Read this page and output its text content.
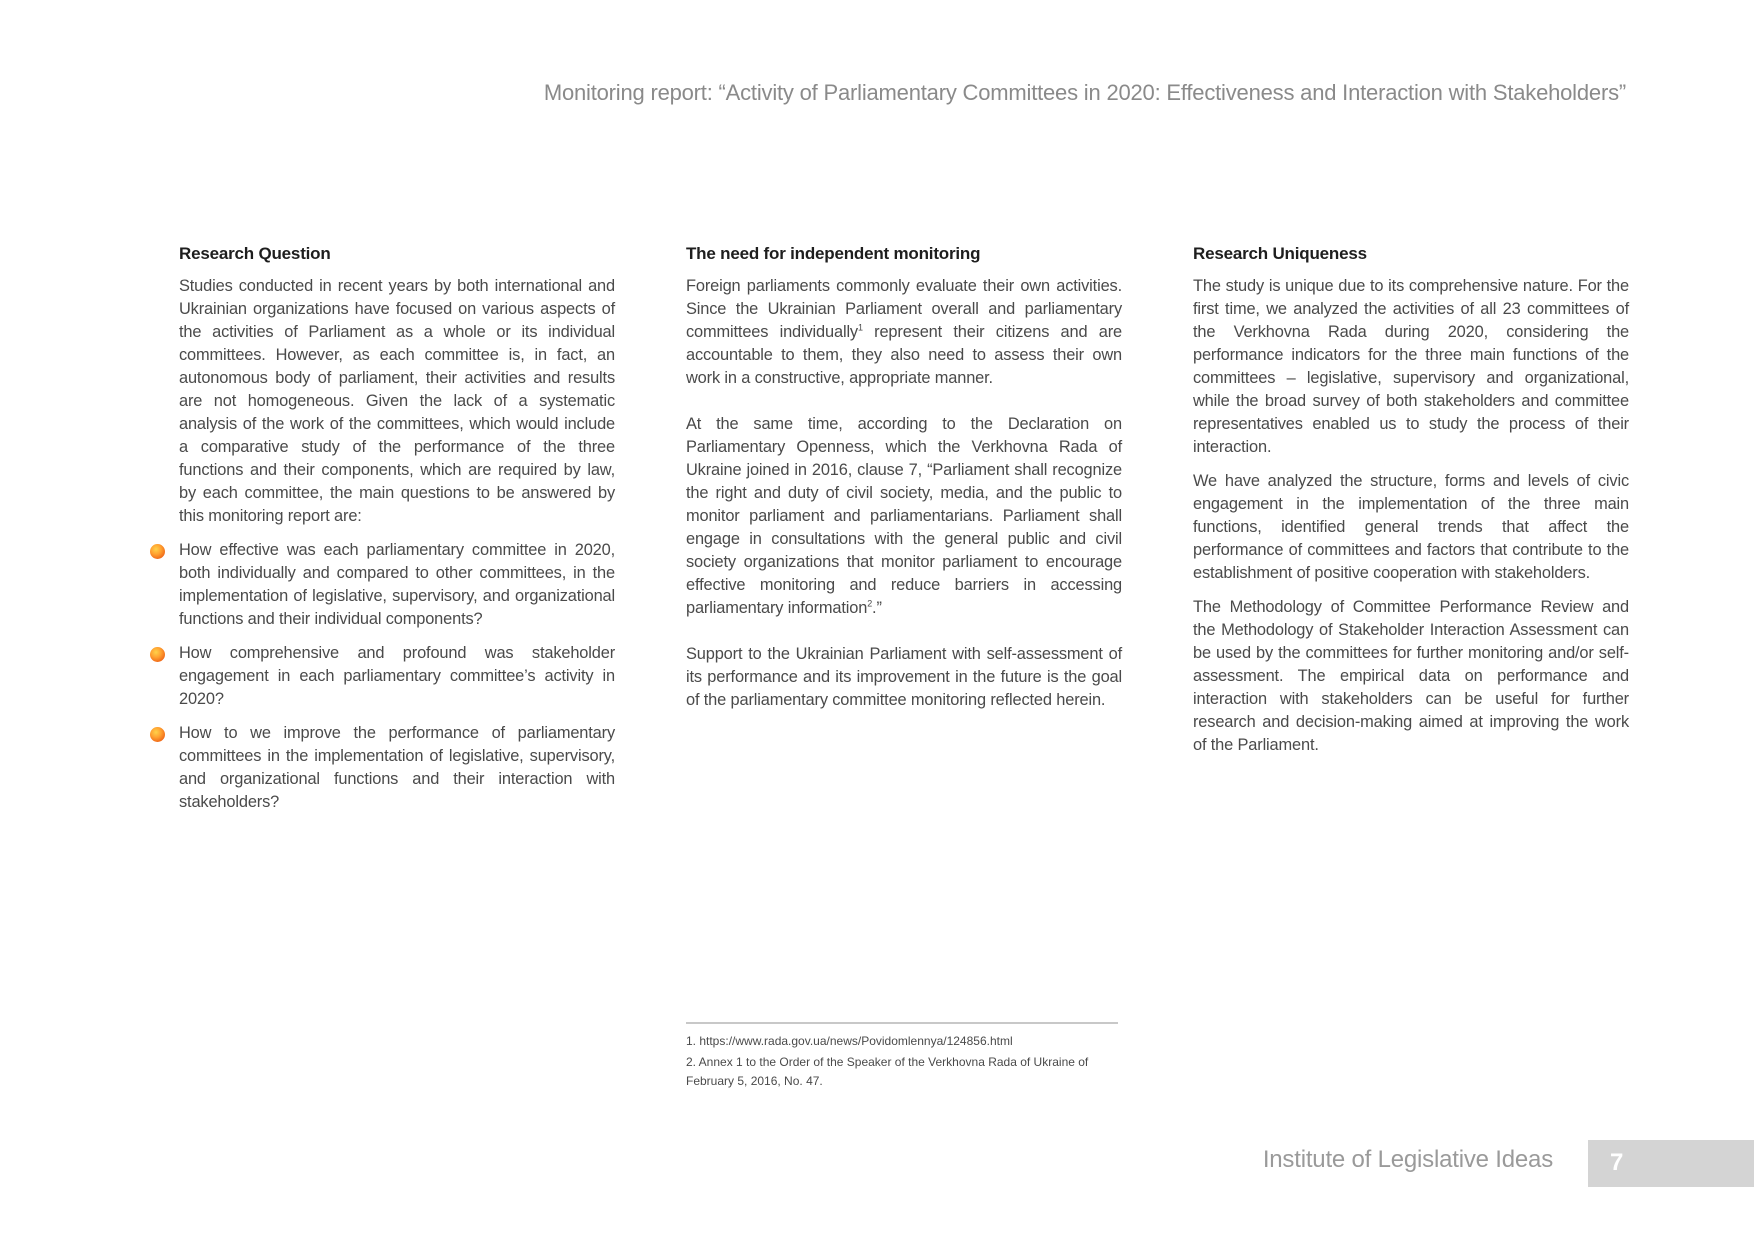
Monitoring report: “Activity of Parliamentary Committees in 2020: Effectiveness and Interaction with Stakeholders”
Research Question

Studies conducted in recent years by both international and Ukrainian organizations have focused on various aspects of the activities of Parliament as a whole or its individual committees. However, as each committee is, in fact, an autonomous body of parliament, their activities and results are not homogeneous. Given the lack of a systematic analysis of the work of the committees, which would include a comparative study of the performance of the three functions and their components, which are required by law, by each committee, the main questions to be answered by this monitoring report are:

How effective was each parliamentary committee in 2020, both individually and compared to other committees, in the implementation of legislative, supervisory, and organizational functions and their individual components?
How comprehensive and profound was stakeholder engagement in each parliamentary committee’s activity in 2020?
How to we improve the performance of parliamentary committees in the implementation of legislative, supervisory, and organizational functions and their interaction with stakeholders?
The need for independent monitoring

Foreign parliaments commonly evaluate their own activities. Since the Ukrainian Parliament overall and parliamentary committees individually$^1$ represent their citizens and are accountable to them, they also need to assess their own work in a constructive, appropriate manner.

At the same time, according to the Declaration on Parliamentary Openness, which the Verkhovna Rada of Ukraine joined in 2016, clause 7, “Parliament shall recognize the right and duty of civil society, media, and the public to monitor parliament and parliamentarians. Parliament shall engage in consultations with the general public and civil society organizations that monitor parliament to encourage effective monitoring and reduce barriers in accessing parliamentary information$^2$.”

Support to the Ukrainian Parliament with self-assessment of its performance and its improvement in the future is the goal of the parliamentary committee monitoring reflected herein.

Research Uniqueness

The study is unique due to its comprehensive nature. For the first time, we analyzed the activities of all 23 committees of the Verkhovna Rada during 2020, considering the performance indicators for the three main functions of the committees – legislative, supervisory and organizational, while the broad survey of both stakeholders and committee representatives enabled us to study the process of their interaction.

We have analyzed the structure, forms and levels of civic engagement in the implementation of the three main functions, identified general trends that affect the performance of committees and factors that contribute to the establishment of positive cooperation with stakeholders.

The Methodology of Committee Performance Review and the Methodology of Stakeholder Interaction Assessment can be used by the committees for further monitoring and/or self-assessment. The empirical data on performance and interaction with stakeholders can be useful for further research and decision-making aimed at improving the work of the Parliament.

1. https://www.rada.gov.ua/news/Povidomlennya/124856.html

2. Annex 1 to the Order of the Speaker of the Verkhovna Rada of Ukraine of February 5, 2016, No. 47.

Institute of Legislative Ideas 7
